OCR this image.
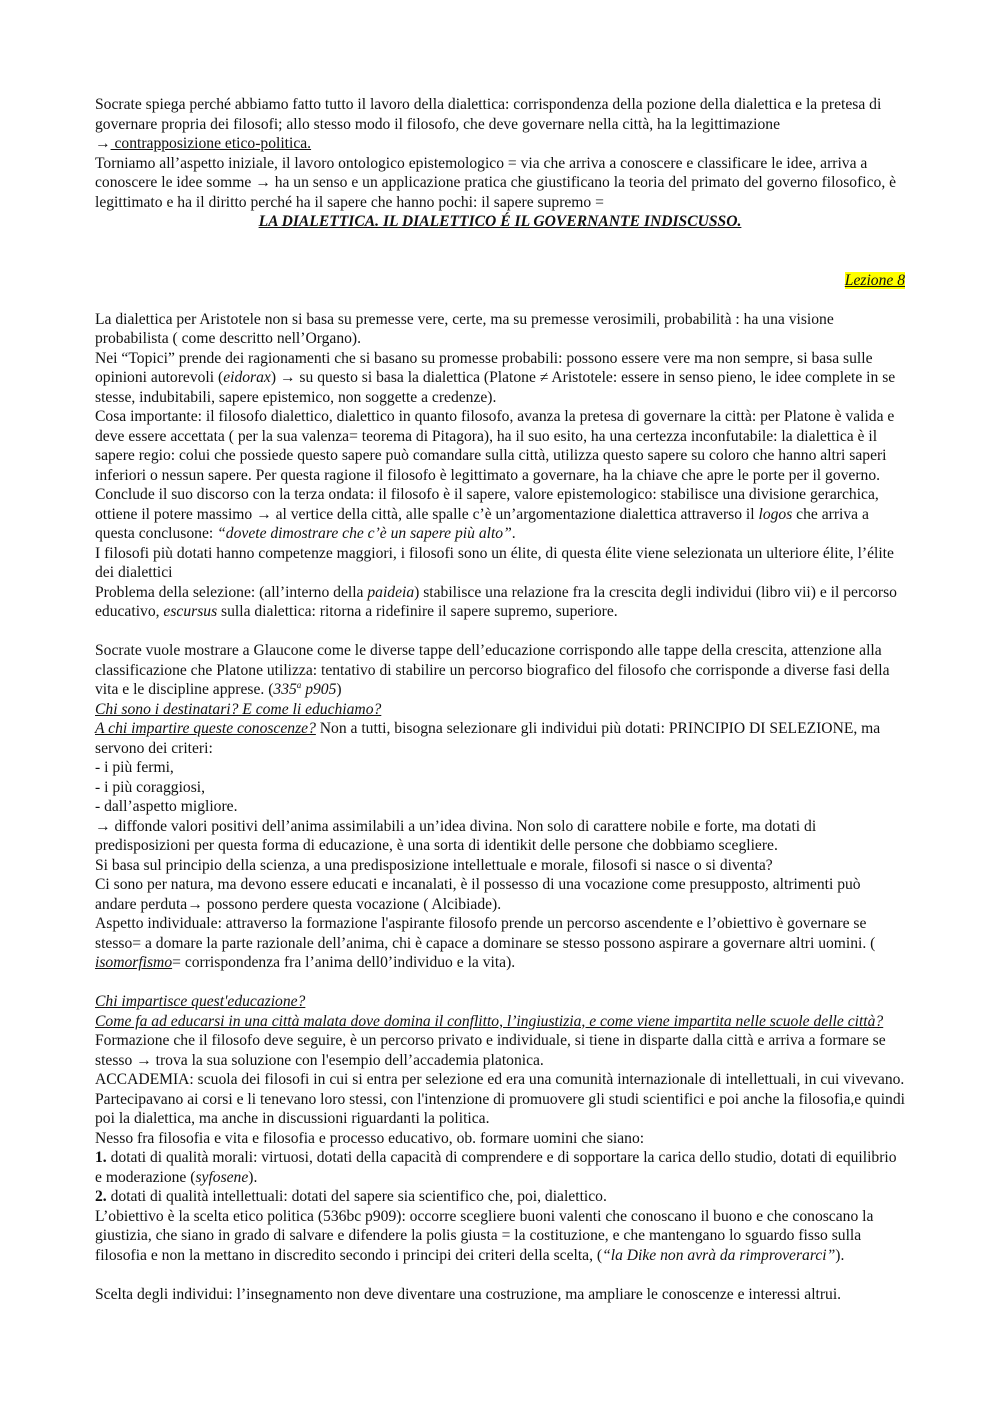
Socrate spiega perché abbiamo fatto tutto il lavoro della dialettica: corrispondenza della pozione della dialettica e la pretesa di governare propria dei filosofi; allo stesso modo il filosofo, che deve governare nella città, ha la legittimazione
→ contrapposizione etico-politica.

Torniamo all’aspetto iniziale, il lavoro ontologico epistemologico = via che arriva a conoscere e classificare le idee, arriva a conoscere le idee somme → ha un senso e un applicazione pratica che giustificano la teoria del primato del governo filosofico, è legittimato e ha il diritto perché ha il sapere che hanno pochi: il sapere supremo =

LA DIALETTICA. IL DIALETTICO É IL GOVERNANTE INDISCUSSO.

Lezione 8

La dialettica per Aristotele non si basa su premesse vere, certe, ma su premesse verosimili, probabilità : ha una visione probabilista ( come descritto nell’Organo).

Nei “Topici” prende dei ragionamenti che si basano su promesse probabili: possono essere vere ma non sempre, si basa sulle opinioni autorevoli (eidorax) → su questo si basa la dialettica (Platone ≠ Aristotele: essere in senso pieno, le idee complete in se stesse, indubitabili, sapere epistemico, non soggette a credenze).

Cosa importante: il filosofo dialettico, dialettico in quanto filosofo, avanza la pretesa di governare la città: per Platone è valida e deve essere accettata ( per la sua valenza= teorema di Pitagora), ha il suo esito, ha una certezza inconfutabile: la dialettica è il sapere regio: colui che possiede questo sapere può comandare sulla città, utilizza questo sapere su coloro che hanno altri saperi inferiori o nessun sapere. Per questa ragione il filosofo è legittimato a governare, ha la chiave che apre le porte per il governo. Conclude il suo discorso con la terza ondata: il filosofo è il sapere, valore epistemologico: stabilisce una divisione gerarchica, ottiene il potere massimo → al vertice della città, alle spalle c’è un’argomentazione dialettica attraverso il logos che arriva a questa conclusone: “dovete dimostrare che c’è un sapere più alto”.

I filosofi più dotati hanno competenze maggiori, i filosofi sono un élite, di questa élite viene selezionata un ulteriore élite, l’élite dei dialettici

Problema della selezione: (all’interno della paideia) stabilisce una relazione fra la crescita degli individui (libro vii) e il percorso educativo, escursus sulla dialettica: ritorna a ridefinire il sapere supremo, superiore.

Socrate vuole mostrare a Glaucone come le diverse tappe dell’educazione corrispondo alle tappe della crescita, attenzione alla classificazione che Platone utilizza: tentativo di stabilire un percorso biografico del filosofo che corrisponde a diverse fasi della vita e le discipline apprese. (335$^a$ p905)

Chi sono i destinatari? E come li educhiamo?

A chi impartire queste conoscenze? Non a tutti, bisogna selezionare gli individui più dotati: PRINCIPIO DI SELEZIONE, ma servono dei criteri:

- i più fermi,

- i più coraggiosi,

- dall’aspetto migliore.

→ diffonde valori positivi dell’anima assimilabili a un’idea divina. Non solo di carattere nobile e forte, ma dotati di predisposizioni per questa forma di educazione, è una sorta di identikit delle persone che dobbiamo scegliere.

Si basa sul principio della scienza, a una predisposizione intellettuale e morale, filosofi si nasce o si diventa?

Ci sono per natura, ma devono essere educati e incanalati, è il possesso di una vocazione come presupposto, altrimenti può andare perduta→ possono perdere questa vocazione ( Alcibiade).

Aspetto individuale: attraverso la formazione l'aspirante filosofo prende un percorso ascendente e l’obiettivo è governare se stesso= a domare la parte razionale dell’anima, chi è capace a dominare se stesso possono aspirare a governare altri uomini. ( isomorfismo= corrispondenza fra l’anima dell0’individuo e la vita).

Chi impartisce quest'educazione?

Come fa ad educarsi in una città malata dove domina il conflitto, l’ingiustizia, e come viene impartita nelle scuole delle città? Formazione che il filosofo deve seguire, è un percorso privato e individuale, si tiene in disparte dalla città e arriva a formare se stesso → trova la sua soluzione con l'esempio dell’accademia platonica.

ACCADEMIA: scuola dei filosofi in cui si entra per selezione ed era una comunità internazionale di intellettuali, in cui vivevano. Partecipavano ai corsi e li tenevano loro stessi, con l'intenzione di promuovere gli studi scientifici e poi anche la filosofia,e quindi poi la dialettica, ma anche in discussioni riguardanti la politica.

Nesso fra filosofia e vita e filosofia e processo educativo, ob. formare uomini che siano:

1. dotati di qualità morali: virtuosi, dotati della capacità di comprendere e di sopportare la carica dello studio, dotati di equilibrio e moderazione (syfosene).

2. dotati di qualità intellettuali: dotati del sapere sia scientifico che, poi, dialettico.

L’obiettivo è la scelta etico politica (536bc p909): occorre scegliere buoni valenti che conoscano il buono e che conoscano la giustizia, che siano in grado di salvare e difendere la polis giusta = la costituzione, e che mantengano lo sguardo fisso sulla filosofia e non la mettano in discredito secondo i principi dei criteri della scelta, (“la Dike non avrà da rimproverarci”).

Scelta degli individui: l’insegnamento non deve diventare una costruzione, ma ampliare le conoscenze e interessi altrui.
